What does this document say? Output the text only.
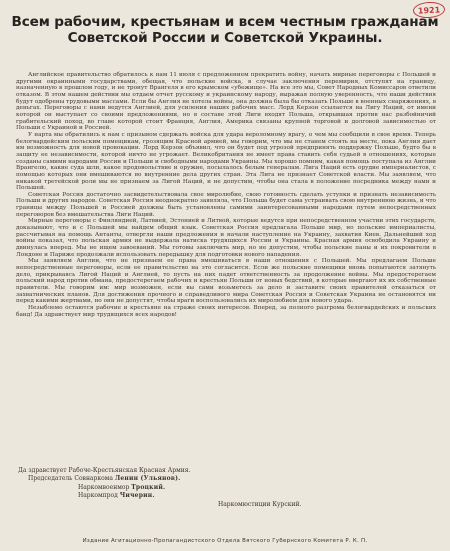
1921
Всем рабочим, крестьянам и всем честным гражданам
Советской России и Советской Украины.

Английское правительство обратилось к нам 11 июля с предложением прекратить войну, начать мирные переговоры с Польшей и другими окраинными государствами, обещая, что польские войска, в случае заключения перемирия, отступят на границу, назначенную в прошлом году, и не тронут Врангеля в его крымском «убежище». На все это мы, Совет Народных Комиссаров ответили отказом. В этом нашем действии мы отдаем отчет русскому и украинскому народу, выражая полную уверенность, что наши действия будут одобрены трудовыми массами. Если бы Англия не хотела войны, она должна была бы отказать Польше в военных снаряжениях, в деньгах. Переговоры с нами ведутся Англией, для усиления наших рабочих масс. Лорд Керзон ссылается на Лигу Наций, от имени которой он выступает со своими предложениями, но в составе этой Лиги входят Польша, открывшая против нас разбойничий грабительский поход, во главе которой стоит Франция, Англия, Америка связаны крупной торговой и долговой зависимостью от Польши с Украиной и Россией.

У нарта мы обратились к нам с призывом сдержать войска для удара вероломному врагу, о чем мы сообщили в свое время. Теперь белогвардейским польским помещикам, грозящим Красной армией, мы говорим, что мы не станем стоять на месте, пока Англия дает им возможность для новой провокации. Лорд Керзон объявил, что он будет под угрозой предпринять поддержку Польше, будто бы в защиту ее независимости, которой ничто не угрожает. Великобритания не имеет права ставить себя судьей в отношениях, которые созданы самими народами России и Польши и свободными народами Украины. Мы хорошо помним, какая помощь поступала из Англии Врангелю, какие суда шли, какое продовольствие и оружие, посылалось белым генералам. Лига Наций есть орудие империалистов, с помощью которых они вмешиваются во внутренние дела других стран. Эта Лига не признает Советской власти. Мы заявляем, что никакой третейской роли мы не признаем за Лигой Наций, и не допустим, чтобы она стала в положение посредника между нами и Польшей.

Советская Россия достаточно засвидетельствовала свое миролюбие, свою готовность сделать уступки и признать независимость Польши и других народов. Советская Россия неоднократно заявляла, что Польша будет сама устраивать свою внутреннюю жизнь, и что границы между Польшей и Россией должны быть установлены самими заинтересованными народами путем непосредственных переговоров без вмешательства Лиги Наций.

Мирные переговоры с Финляндией, Латвией, Эстонией и Литвой, которые ведутся при непосредственном участии этих государств, доказывают, что и с Польшей мы найдем общий язык. Советская Россия предлагала Польше мир, но польские империалисты, рассчитывая на помощь Антанты, отвергли наши предложения и начали наступление на Украину, захватив Киев. Дальнейший ход войны показал, что польская армия не выдержала натиска трудящихся России и Украины. Красная армия освободила Украину и двинулась вперед. Мы не ищем завоеваний. Мы готовы заключить мир, но не допустим, чтобы польские паны и их покровители в Лондоне и Париже продолжали использовать передышку для подготовки нового нападения.

Мы заявляем Англии, что не признаем ее права вмешиваться в наши отношения с Польшей. Мы предлагаем Польше непосредственные переговоры, если ее правительство на это согласится. Если же польские помещики вновь попытаются затянуть дело, прикрываясь Лигой Наций и Англией, то пусть на них падет ответственность за продолжение войны. Мы предостерегаем польский народ против обмана, предостерегаем рабочих и крестьян Польши от новых бедствий, в которые ввергают их их собственные правители. Мы говорим им: мир возможен, если вы сами возьметесь за дело и заставите своих правителей отказаться от захватнических планов. Для достижения прочного и справедливого мира Советская Россия и Советская Украина не остановятся ни перед какими жертвами, но они не допустят, чтобы враги воспользовались их миролюбием для нового удара.

Незыблемо остаются рабочие и крестьяне на страже своих интересов. Вперед, за полного разгрома белогвардейских и польских банд! Да здравствует мир трудящихся всех народов!

Да здравствует Рабоче-Крестьянская Красная Армия.
Председатель Совнаркома Ленин (Ульянов).
Наркомвоенмор Троцкий.
Наркомпрод Чичерин.
Наркомюстиции Курский.
Издание Агитационно-Пропагандистского Отдела Вятского Губернского Комитета Р. К. П.
